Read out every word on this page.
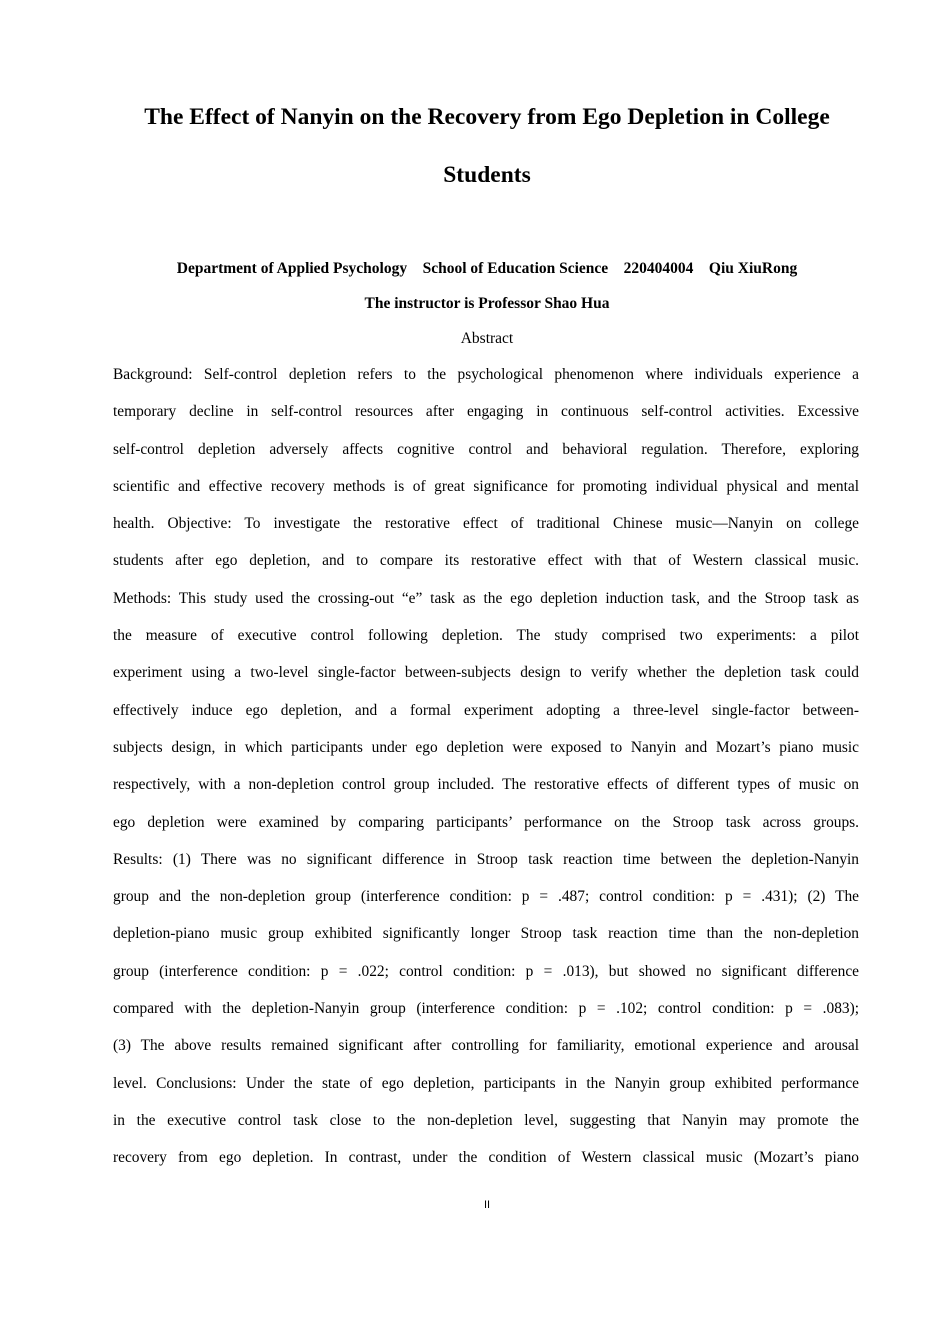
The Effect of Nanyin on the Recovery from Ego Depletion in College
Students
Department of Applied Psychology    School of Education Science    220404004    Qiu XiuRong
The instructor is Professor Shao Hua
Abstract
Background: Self-control depletion refers to the psychological phenomenon where individuals experience a
temporary decline in self-control resources after engaging in continuous self-control activities. Excessive
self-control depletion adversely affects cognitive control and behavioral regulation. Therefore, exploring
scientific and effective recovery methods is of great significance for promoting individual physical and mental
health. Objective: To investigate the restorative effect of traditional Chinese music—Nanyin on college
students after ego depletion, and to compare its restorative effect with that of Western classical music.
Methods: This study used the crossing-out “e” task as the ego depletion induction task, and the Stroop task as
the measure of executive control following depletion. The study comprised two experiments: a pilot
experiment using a two-level single-factor between-subjects design to verify whether the depletion task could
effectively induce ego depletion, and a formal experiment adopting a three-level single-factor between-
subjects design, in which participants under ego depletion were exposed to Nanyin and Mozart’s piano music
respectively, with a non-depletion control group included. The restorative effects of different types of music on
ego depletion were examined by comparing participants’ performance on the Stroop task across groups.
Results: (1) There was no significant difference in Stroop task reaction time between the depletion-Nanyin
group and the non-depletion group (interference condition: p = .487; control condition: p = .431); (2) The
depletion-piano music group exhibited significantly longer Stroop task reaction time than the non-depletion
group (interference condition: p = .022; control condition: p = .013), but showed no significant difference
compared with the depletion-Nanyin group (interference condition: p = .102; control condition: p = .083);
(3) The above results remained significant after controlling for familiarity, emotional experience and arousal
level. Conclusions: Under the state of ego depletion, participants in the Nanyin group exhibited performance
in the executive control task close to the non-depletion level, suggesting that Nanyin may promote the
recovery from ego depletion. In contrast, under the condition of Western classical music (Mozart’s piano
II
